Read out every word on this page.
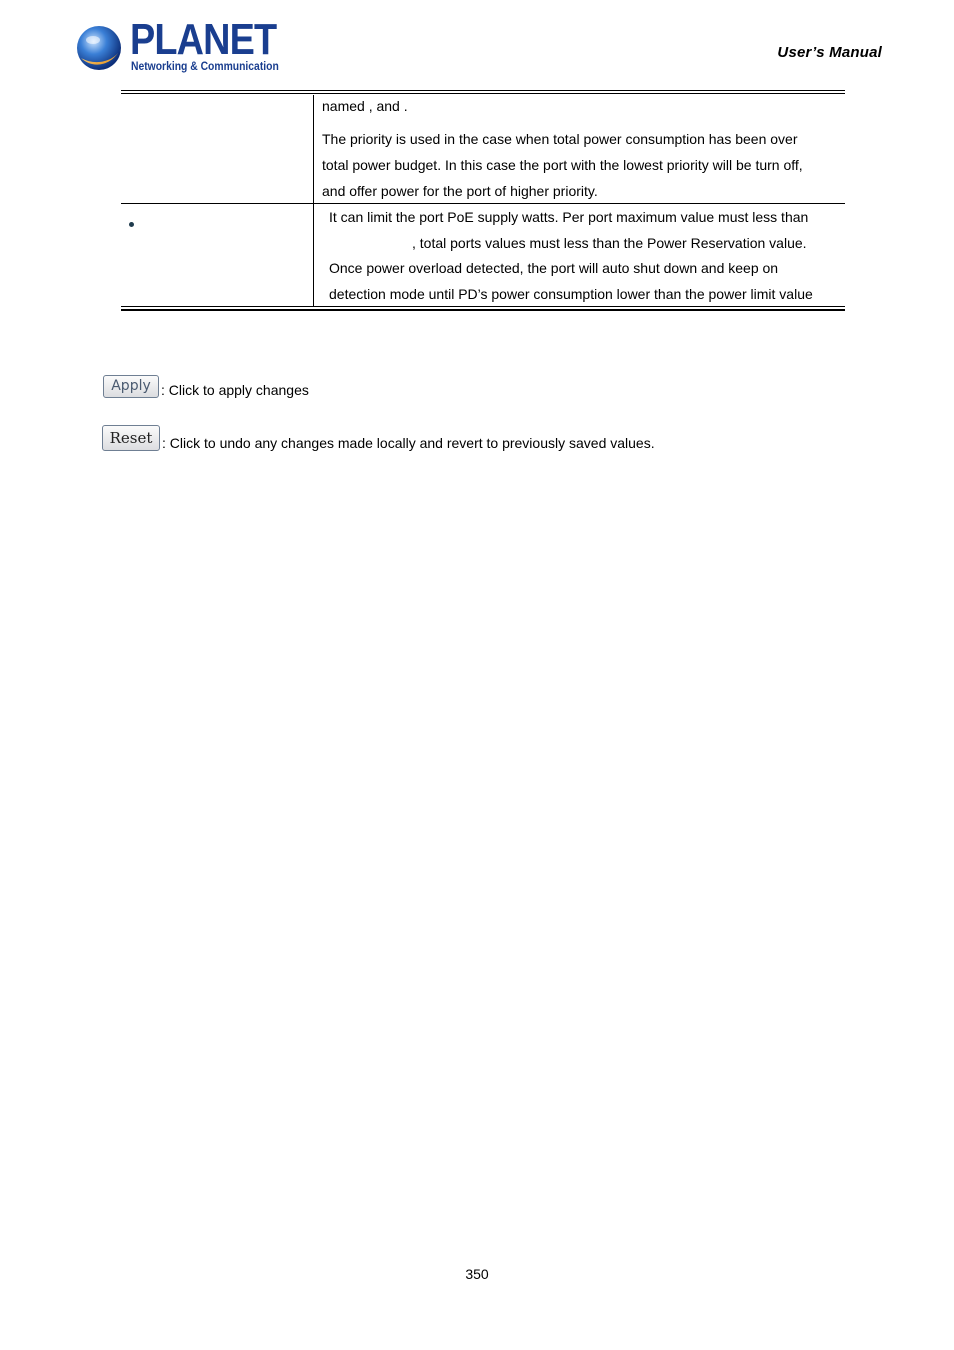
PLANET
Networking & Communication
User’s Manual
named , and .
The priority is used in the case when total power consumption has been over
total power budget. In this case the port with the lowest priority will be turn off,
and offer power for the port of higher priority.
It can limit the port PoE supply watts. Per port maximum value must less than
, total ports values must less than the Power Reservation value.
Once power overload detected, the port will auto shut down and keep on
detection mode until PD’s power consumption lower than the power limit value
Apply : Click to apply changes
Reset : Click to undo any changes made locally and revert to previously saved values.
350
